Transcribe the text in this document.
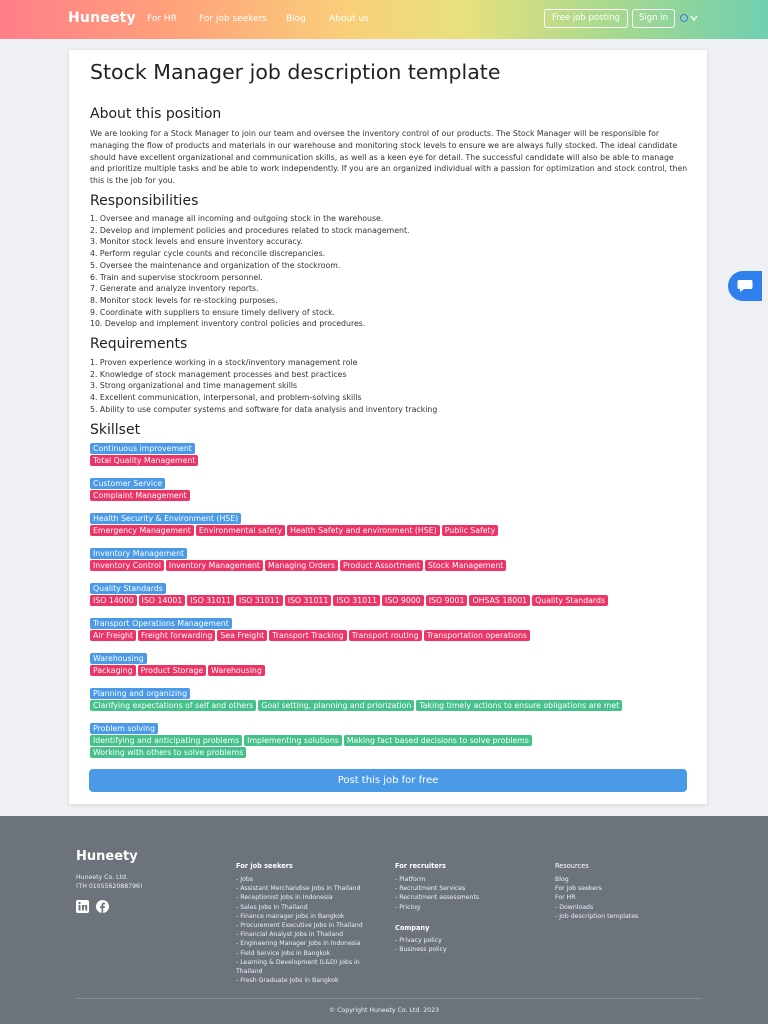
Huneety For HR For job seekers Blog	About us	Free job posting	Sign in
Stock Manager job description template
About this position

We are looking for a Stock Manager to join our team and oversee the inventory control of our products. The Stock Manager will be responsible for managing the flow of products and materials in our warehouse and monitoring stock levels to ensure we are always fully stocked. The ideal candidate should have excellent organizational and communication skills, as well as a keen eye for detail. The successful candidate will also be able to manage and prioritize multiple tasks and be able to work independently. If you are an organized individual with a passion for optimization and stock control, then this is the job for you.

Responsibilities
1. Oversee and manage all incoming and outgoing stock in the warehouse.
2. Develop and implement policies and procedures related to stock management.
3. Monitor stock levels and ensure inventory accuracy.
4. Perform regular cycle counts and reconcile discrepancies.
5. Oversee the maintenance and organization of the stockroom.
6. Train and supervise stockroom personnel.
7. Generate and analyze inventory reports.
8. Monitor stock levels for re-stocking purposes.
9. Coordinate with suppliers to ensure timely delivery of stock.
10. Develop and implement inventory control policies and procedures.
Requirements
1. Proven experience working in a stock/inventory management role
2. Knowledge of stock management processes and best practices
3. Strong organizational and time management skills
4. Excellent communication, interpersonal, and problem-solving skills
5. Ability to use computer systems and software for data analysis and inventory tracking
Skillset
Continuous improvement
Total Quality Management
Customer Service
Complaint Management
Health Security & Environment (HSE)
Emergency Management Environmental safety Health Safety and environment (HSE) Public Safety
Inventory Management
Inventory Control Inventory Management Managing Orders Product Assortment Stock Management
Quality Standards
ISO 14000 ISO 14001 ISO 31011 ISO 31011 ISO 31011 ISO 31011 ISO 9000 ISO 9001 OHSAS 18001 Quality Standards
Transport Operations Management
Air Freight Freight forwarding Sea Freight Transport Tracking Transport routing Transportation operations
Warehousing
Packaging Product Storage Warehousing
Planning and organizing
Clarifying expectations of self and others Goal setting, planning and priorization Taking timely actions to ensure obligations are met
Problem solving
Identifying and anticipating problems Implementing solutions Making fact based decisions to solve problemsWorking with others to solve problems
Post this job for free
Huneety
Huneety Co. Ltd.
(TH 0105562088796)
For job seekers
- Jobs
- Assistant Merchandise Jobs in Thailand
- Receptionist Jobs in Indonesia
- Sales Jobs In Thailand
- Finance manager jobs in Bangkok
- Procurement Executive Jobs in Thailand
- Financial Analyst Jobs in Thailand
- Engineering Manager Jobs in Indonesia
- Field Service Jobs in Bangkok
- Learning & Development (L&D) Jobs in Thailand
- Fresh Graduate Jobs in Bangkok
For recruiters
- Platform
- Recruitment Services
- Recruitment assessments
- Pricing
Company
- Privacy policy
- Business policy
Resources
Blog
For job seekers
For HR
- Downloads
- Job description templates
© Copyright Huneety Co. Ltd. 2023
